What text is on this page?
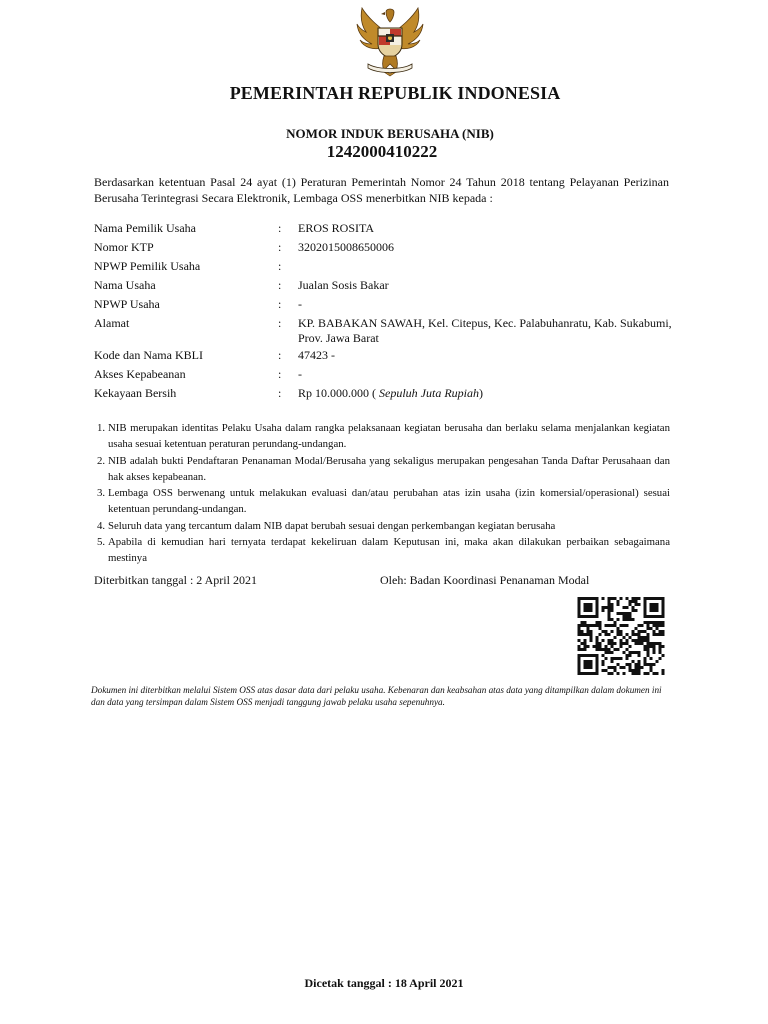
PEMERINTAH REPUBLIK INDONESIA
NOMOR INDUK BERUSAHA (NIB)
1242000410222
Berdasarkan ketentuan Pasal 24 ayat (1) Peraturan Pemerintah Nomor 24 Tahun 2018 tentang Pelayanan Perizinan Berusaha Terintegrasi Secara Elektronik, Lembaga OSS menerbitkan NIB kepada :
Nama Pemilik Usaha	: EROS ROSITA
Nomor KTP	: 3202015008650006
NPWP Pemilik Usaha	:
Nama Usaha	: Jualan Sosis Bakar
NPWP Usaha	: -
Alamat	: KP. BABAKAN SAWAH, Kel. Citepus, Kec. Palabuhanratu, Kab. Sukabumi, Prov. Jawa Barat
Kode dan Nama KBLI	: 47423 -
Akses Kepabeanan	: -
Kekayaan Bersih	: Rp 10.000.000 ( Sepuluh Juta Rupiah)
1. NIB merupakan identitas Pelaku Usaha dalam rangka pelaksanaan kegiatan berusaha dan berlaku selama menjalankan kegiatan usaha sesuai ketentuan peraturan perundang-undangan.
2. NIB adalah bukti Pendaftaran Penanaman Modal/Berusaha yang sekaligus merupakan pengesahan Tanda Daftar Perusahaan dan hak akses kepabeanan.
3. Lembaga OSS berwenang untuk melakukan evaluasi dan/atau perubahan atas izin usaha (izin komersial/operasional) sesuai ketentuan perundang-undangan.
4. Seluruh data yang tercantum dalam NIB dapat berubah sesuai dengan perkembangan kegiatan berusaha
5. Apabila di kemudian hari ternyata terdapat kekeliruan dalam Keputusan ini, maka akan dilakukan perbaikan sebagaimana mestinya
Diterbitkan tanggal : 2 April 2021	Oleh: Badan Koordinasi Penanaman Modal
Dokumen ini diterbitkan melalui Sistem OSS atas dasar data dari pelaku usaha. Kebenaran dan keabsahan atas data yang ditampilkan dalam dokumen ini dan data yang tersimpan dalam Sistem OSS menjadi tanggung jawab pelaku usaha sepenuhnya.
Dicetak tanggal : 18 April 2021
